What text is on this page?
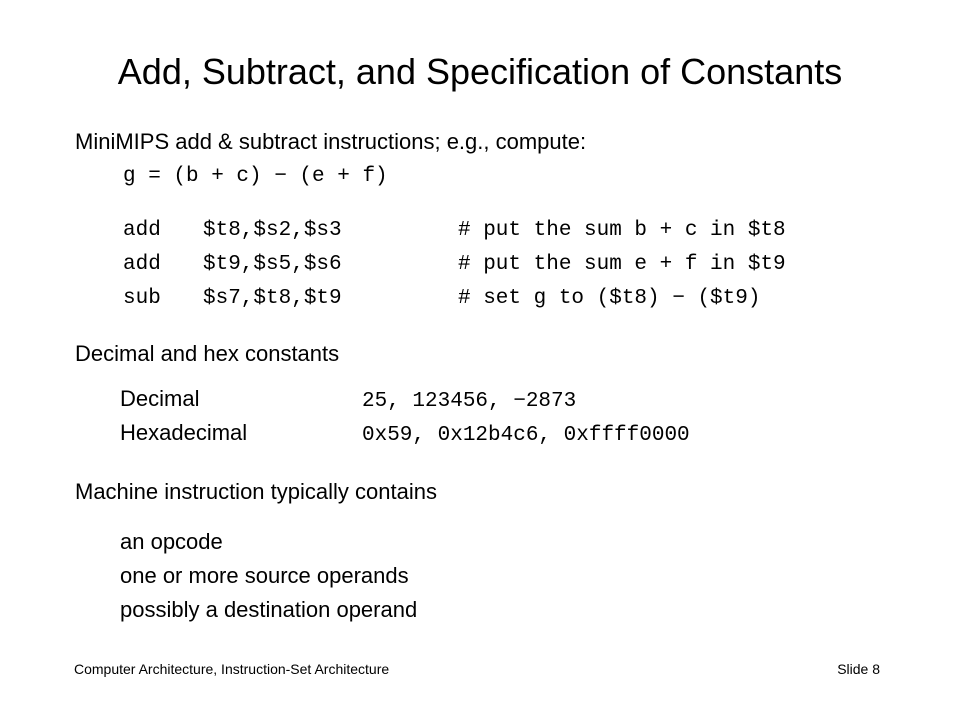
Add, Subtract, and Specification of Constants
MiniMIPS add & subtract instructions; e.g., compute:
g = (b + c) − (e + f)
add	$t8,$s2,$s3	# put the sum b + c in $t8
add	$t9,$s5,$s6	# put the sum e + f in $t9
sub	$s7,$t8,$t9	# set g to ($t8) − ($t9)
Decimal and hex constants
Decimal	25, 123456, −2873
Hexadecimal	0x59, 0x12b4c6, 0xffff0000
Machine instruction typically contains
an opcode
one or more source operands
possibly a destination operand
Computer Architecture, Instruction-Set Architecture	Slide 8
